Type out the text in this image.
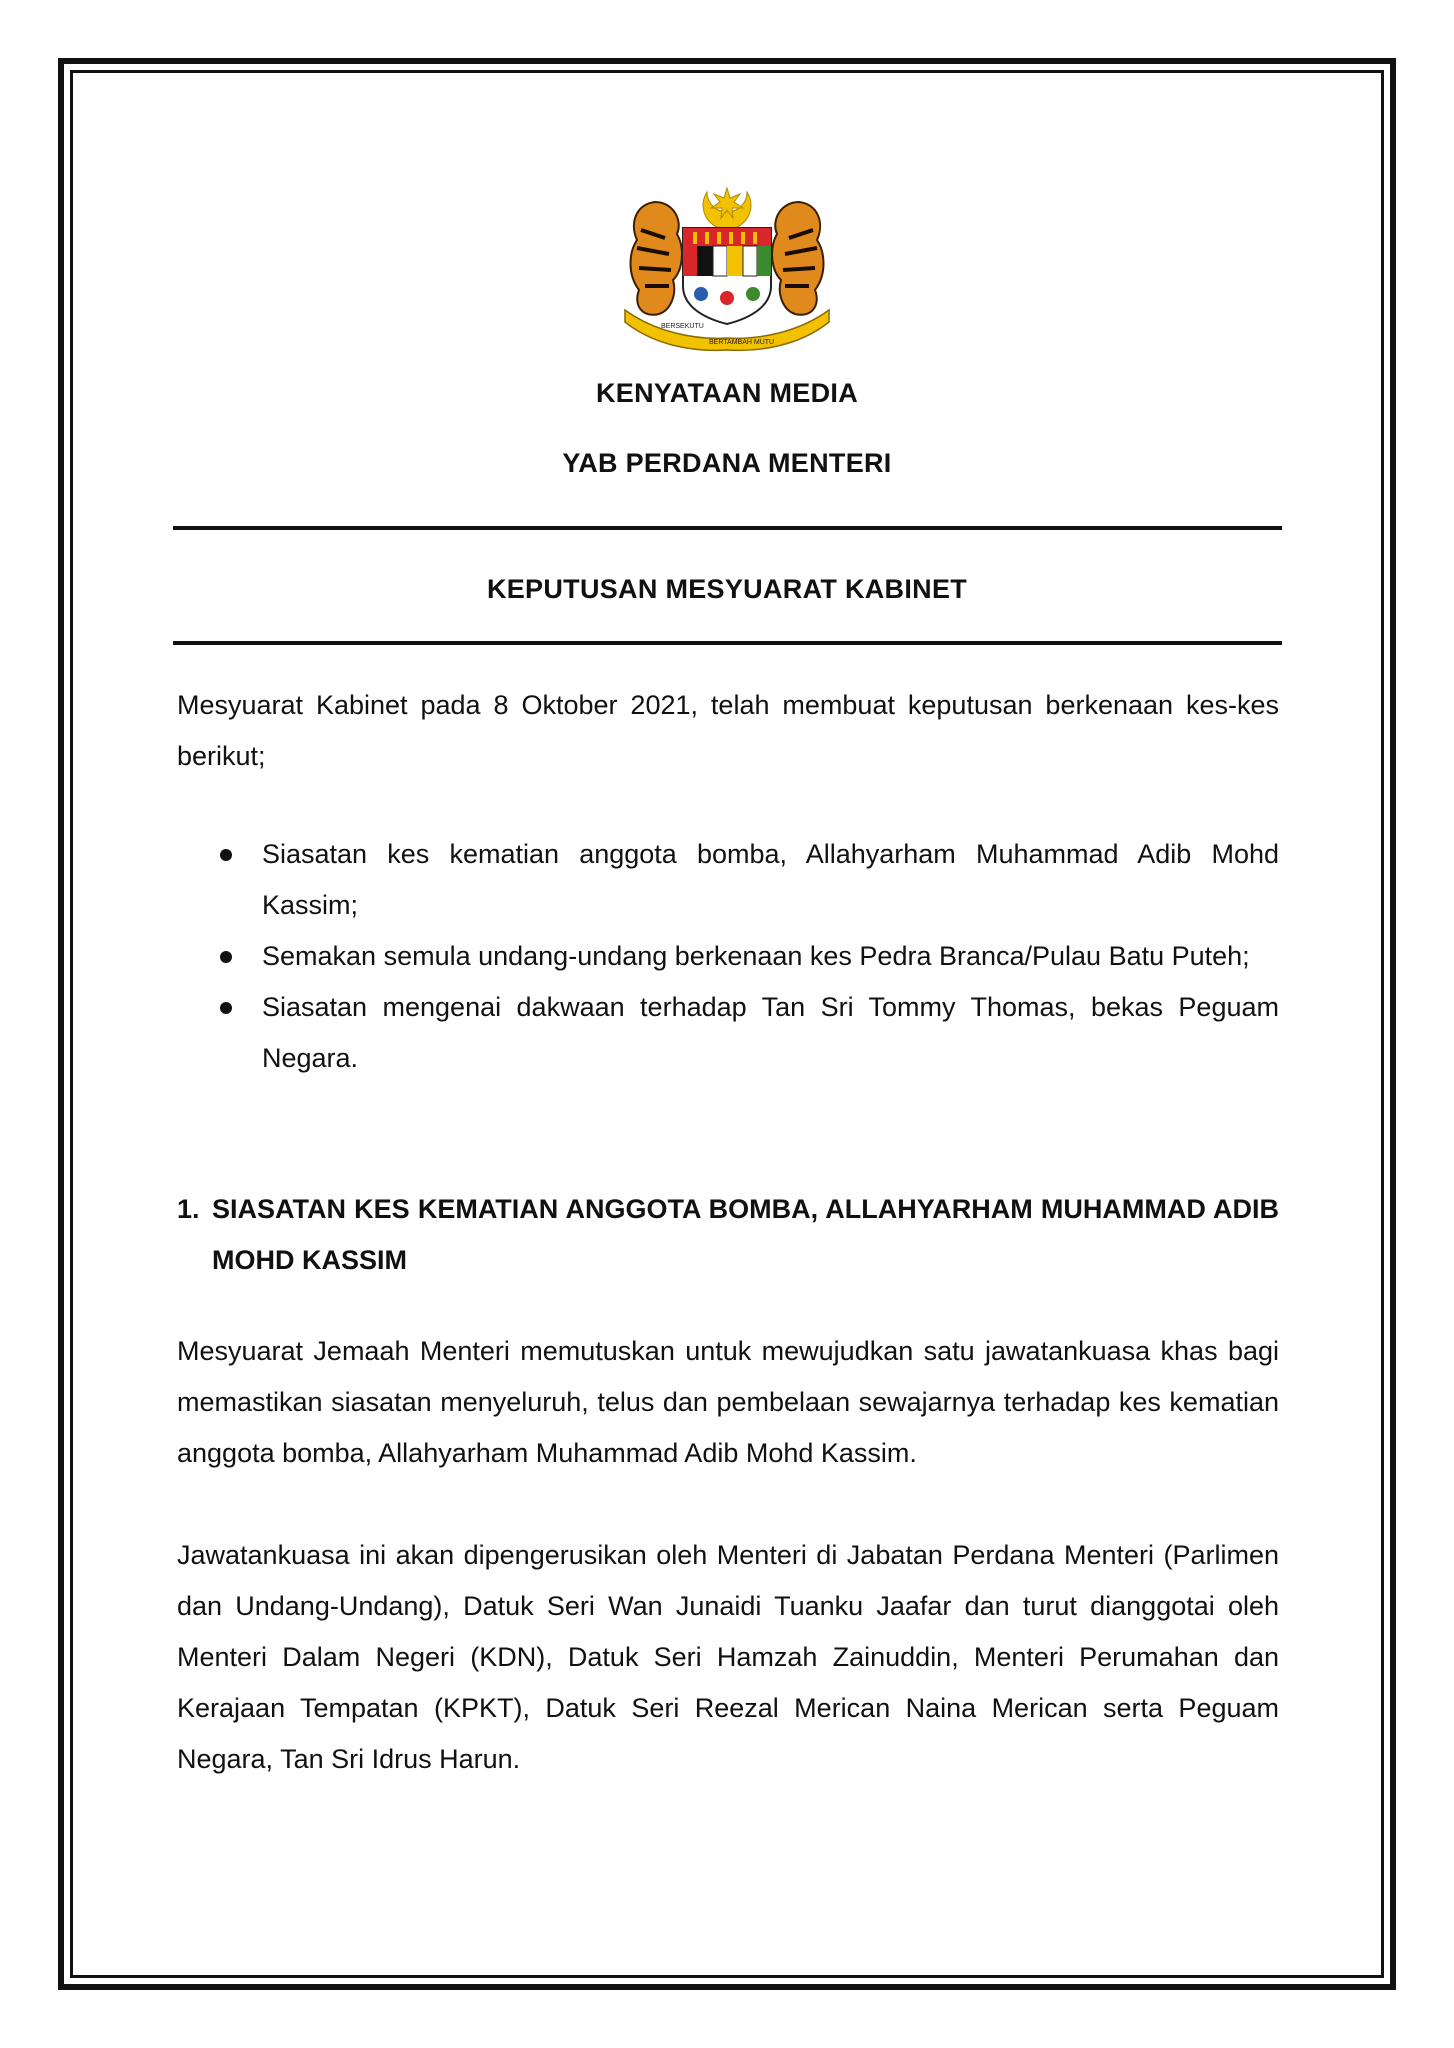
BERSEKUTU
BERTAMBAH MUTU
KENYATAAN MEDIA
YAB PERDANA MENTERI
KEPUTUSAN MESYUARAT KABINET

Mesyuarat Kabinet pada 8 Oktober 2021, telah membuat keputusan berkenaan kes-kes berikut;

Siasatan kes kematian anggota bomba, Allahyarham Muhammad Adib Mohd Kassim;
Semakan semula undang-undang berkenaan kes Pedra Branca/Pulau Batu Puteh;
Siasatan mengenai dakwaan terhadap Tan Sri Tommy Thomas, bekas Peguam Negara.
1. SIASATAN KES KEMATIAN ANGGOTA BOMBA, ALLAHYARHAM MUHAMMAD ADIB MOHD KASSIM

Mesyuarat Jemaah Menteri memutuskan untuk mewujudkan satu jawatankuasa khas bagi memastikan siasatan menyeluruh, telus dan pembelaan sewajarnya terhadap kes kematian anggota bomba, Allahyarham Muhammad Adib Mohd Kassim.

Jawatankuasa ini akan dipengerusikan oleh Menteri di Jabatan Perdana Menteri (Parlimen dan Undang-Undang), Datuk Seri Wan Junaidi Tuanku Jaafar dan turut dianggotai oleh Menteri Dalam Negeri (KDN), Datuk Seri Hamzah Zainuddin, Menteri Perumahan dan Kerajaan Tempatan (KPKT), Datuk Seri Reezal Merican Naina Merican serta Peguam Negara, Tan Sri Idrus Harun.
